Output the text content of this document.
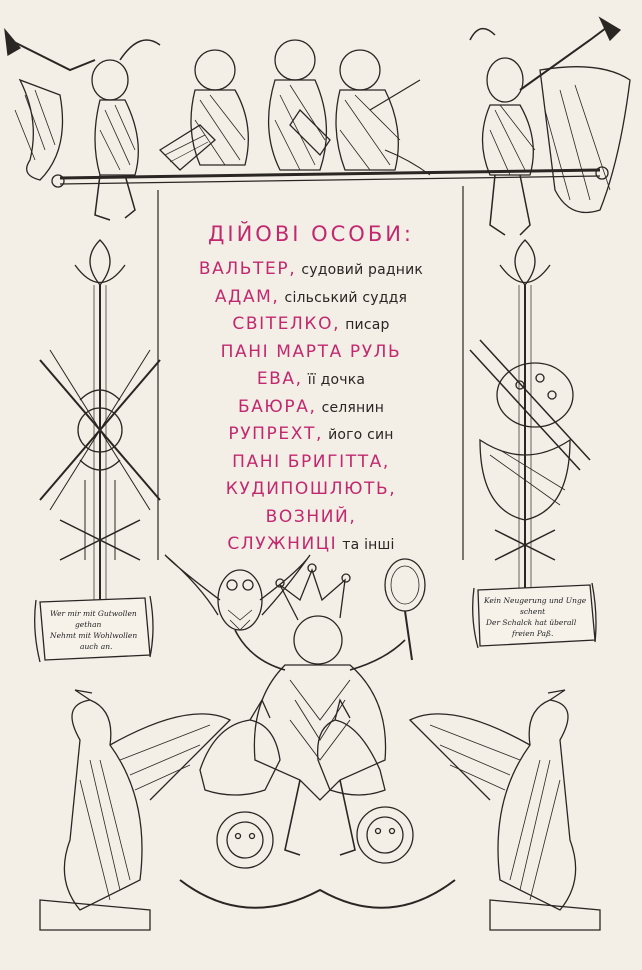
Wer mir mit Gutwollen
gethan
Nehmt mit Wohlwollen
auch an.
Kein Neugerung und Unge
schent
Der Schalck hat überall
freien Paß.
ДІЙОВІ ОСОБИ:
ВАЛЬТЕР, судовий радник
АДАМ, сільський суддя
СВІТЕЛКО, писар
ПАНІ МАРТА РУЛЬ
ЕВА, її дочка
БАЮРА, селянин
РУПРЕХТ, його син
ПАНІ БРИГІТТА,
КУДИПОШЛЮТЬ,
ВОЗНИЙ,
СЛУЖНИЦІ та інші
